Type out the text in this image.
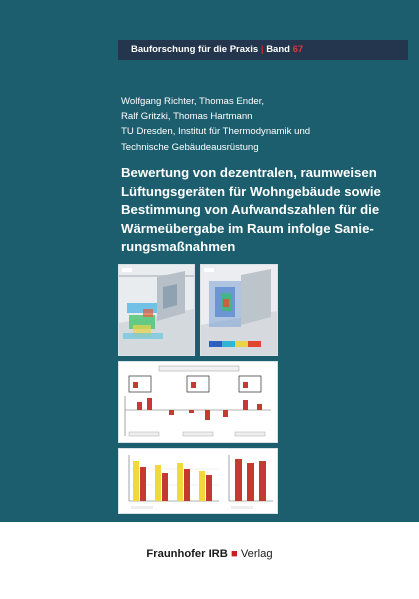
Bauforschung für die Praxis | Band 67
Wolfgang Richter, Thomas Ender,
Ralf Gritzki, Thomas Hartmann
TU Dresden, Institut für Thermodynamik und
Technische Gebäudeausrüstung
Bewertung von dezentralen, raumweisen
Lüftungsgeräten für Wohngebäude sowie
Bestimmung von Aufwandszahlen für die
Wärmeübergabe im Raum infolge Sanie-
rungsmaßnahmen
Fraunhofer IRB ■ Verlag
